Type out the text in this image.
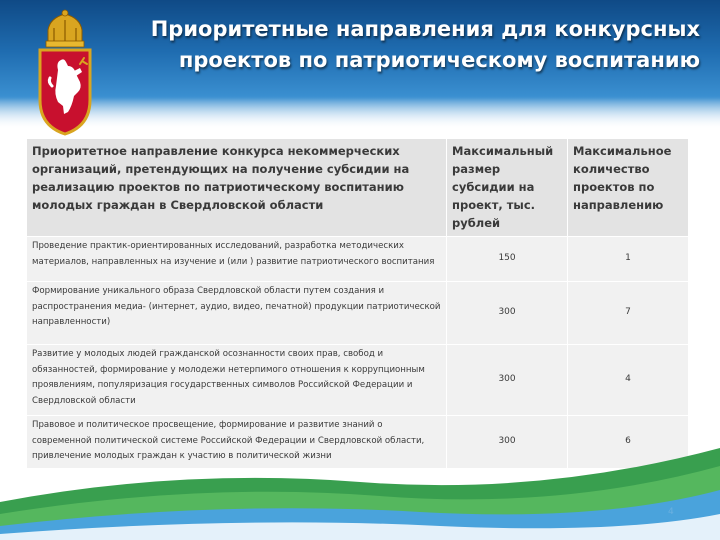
Приоритетные направления для конкурсных
проектов по патриотическому воспитанию
Приоритетное направление конкурса некоммерческих организаций, претендующих на получение субсидии на реализацию проектов по патриотическому воспитанию молодых граждан в Свердловской области	Максимальный размер субсидии на проект, тыс. рублей	Максимальное количество проектов по направлению
Проведение практик-ориентированных исследований, разработка методических материалов, направленных на изучение и (или ) развитие патриотического воспитания	150	1
Формирование уникального образа Свердловской области путем создания и распространения медиа- (интернет, аудио, видео, печатной) продукции патриотической направленности)	300	7
Развитие у молодых людей гражданской осознанности своих прав, свобод и обязанностей, формирование у молодежи нетерпимого отношения к коррупционным проявлениям, популяризация государственных символов Российской Федерации и Свердловской области	300	4
Правовое и политическое просвещение, формирование и развитие знаний о современной политической системе Российской Федерации и Свердловской области, привлечение молодых граждан к участию в политической жизни	300	6
4
